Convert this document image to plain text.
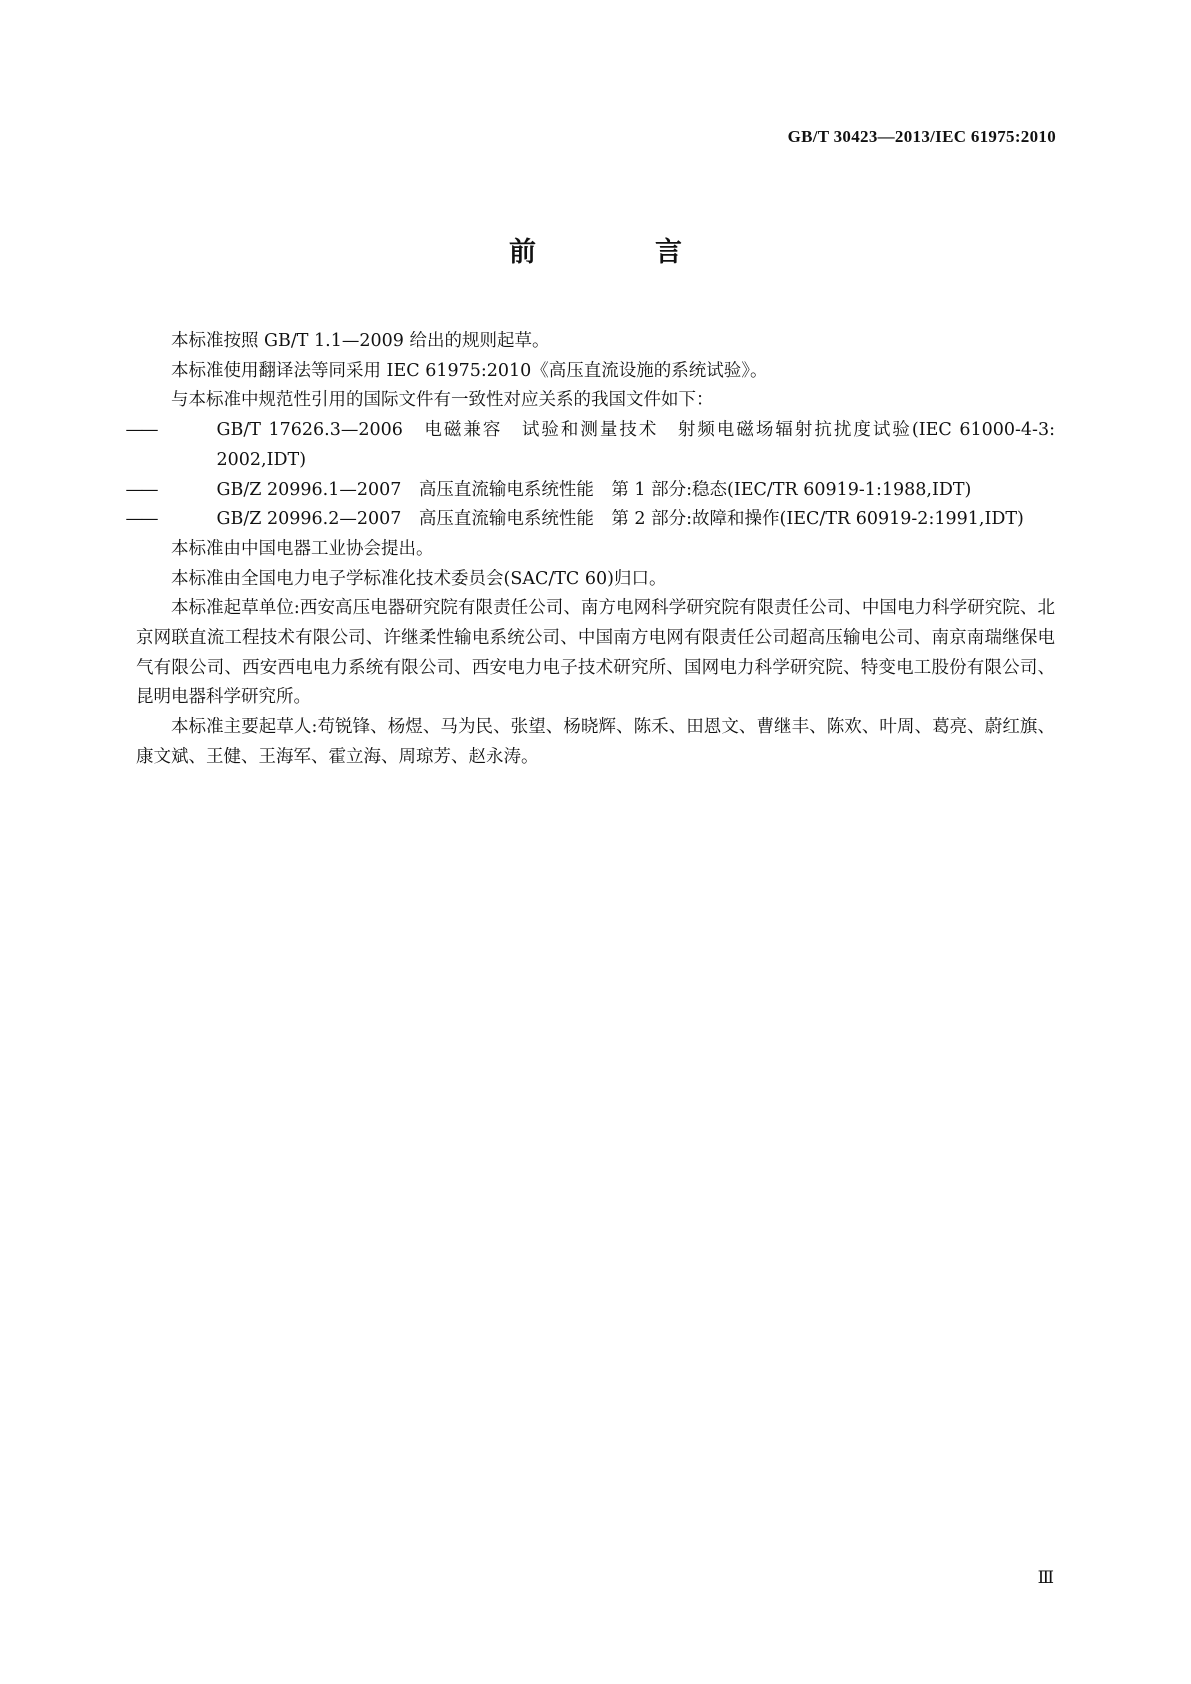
GB/T 30423—2013/IEC 61975:2010
前　言

本标准按照 GB/T 1.1—2009 给出的规则起草。

本标准使用翻译法等同采用 IEC 61975:2010《高压直流设施的系统试验》。

与本标准中规范性引用的国际文件有一致性对应关系的我国文件如下：

——	GB/T 17626.3—2006　电磁兼容　试验和测量技术　射频电磁场辐射抗扰度试验(IEC 61000-4-3: 2002,IDT)

——	GB/Z 20996.1—2007　高压直流输电系统性能　第 1 部分:稳态(IEC/TR 60919-1:1988,IDT)

——	GB/Z 20996.2—2007　高压直流输电系统性能　第 2 部分:故障和操作(IEC/TR 60919-2:1991,IDT)

本标准由中国电器工业协会提出。

本标准由全国电力电子学标准化技术委员会(SAC/TC 60)归口。

本标准起草单位:西安高压电器研究院有限责任公司、南方电网科学研究院有限责任公司、中国电力科学研究院、北京网联直流工程技术有限公司、许继柔性输电系统公司、中国南方电网有限责任公司超高压输电公司、南京南瑞继保电气有限公司、西安西电电力系统有限公司、西安电力电子技术研究所、国网电力科学研究院、特变电工股份有限公司、昆明电器科学研究所。

本标准主要起草人:苟锐锋、杨煜、马为民、张望、杨晓辉、陈禾、田恩文、曹继丰、陈欢、叶周、葛亮、蔚红旗、康文斌、王健、王海军、霍立海、周琼芳、赵永涛。

Ⅲ
